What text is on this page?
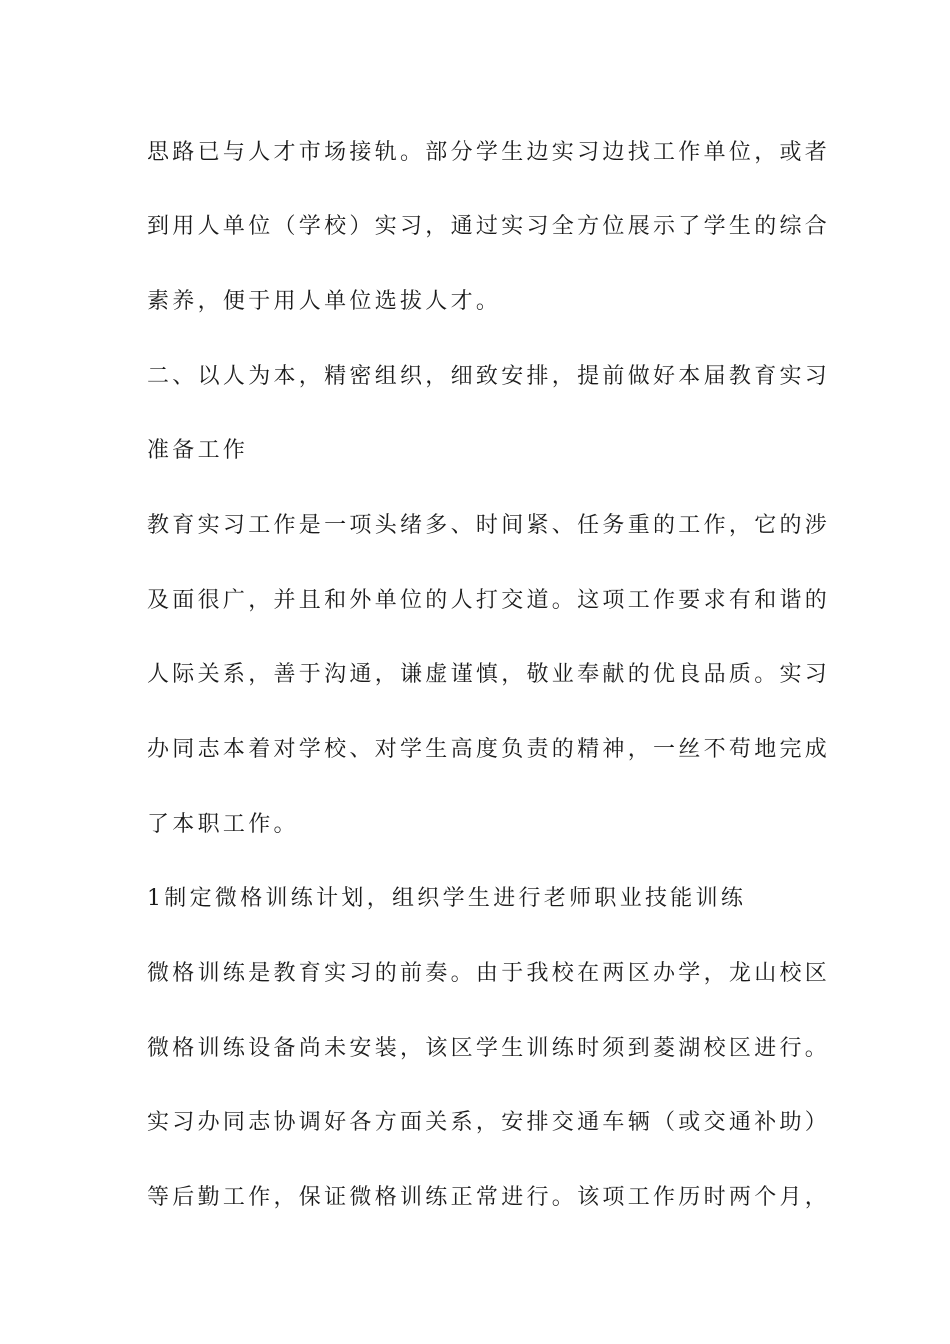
思路已与人才市场接轨。部分学生边实习边找工作单位，或者
到用人单位（学校）实习，通过实习全方位展示了学生的综合
素养，便于用人单位选拔人才。
二、以人为本，精密组织，细致安排，提前做好本届教育实习
准备工作
教育实习工作是一项头绪多、时间紧、任务重的工作，它的涉
及面很广，并且和外单位的人打交道。这项工作要求有和谐的
人际关系，善于沟通，谦虚谨慎，敬业奉献的优良品质。实习
办同志本着对学校、对学生高度负责的精神，一丝不苟地完成
了本职工作。
1制定微格训练计划，组织学生进行老师职业技能训练
微格训练是教育实习的前奏。由于我校在两区办学，龙山校区
微格训练设备尚未安装，该区学生训练时须到菱湖校区进行。
实习办同志协调好各方面关系，安排交通车辆（或交通补助）
等后勤工作，保证微格训练正常进行。该项工作历时两个月，
